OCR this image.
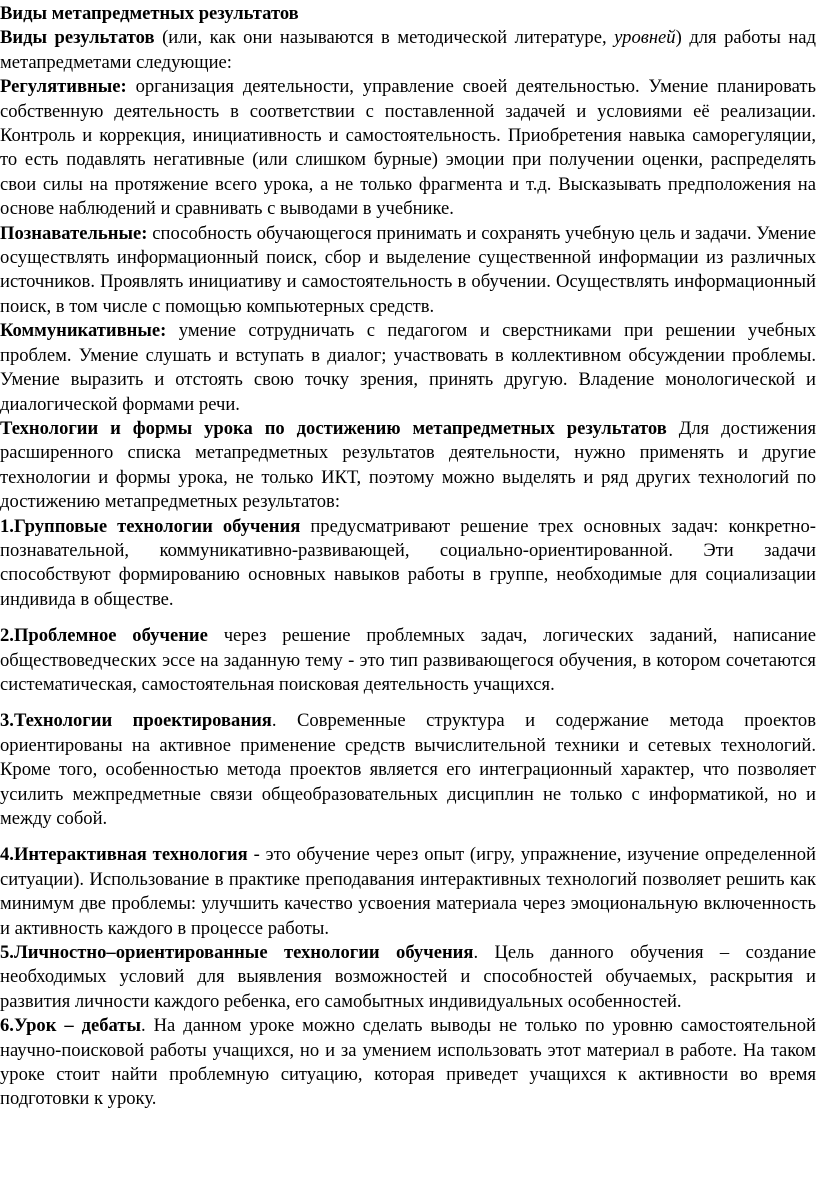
Виды метапредметных результатов

Виды результатов (или, как они называются в методической литературе, уровней) для работы над метапредметами следующие:

Регулятивные: организация деятельности, управление своей деятельностью. Умение планировать собственную деятельность в соответствии с поставленной задачей и условиями её реализации. Контроль и коррекция, инициативность и самостоятельность. Приобретения навыка саморегуляции, то есть подавлять негативные (или слишком бурные) эмоции при получении оценки, распределять свои силы на протяжение всего урока, а не только фрагмента и т.д. Высказывать предположения на основе наблюдений и сравнивать с выводами в учебнике.

Познавательные: способность обучающегося принимать и сохранять учебную цель и задачи. Умение осуществлять информационный поиск, сбор и выделение существенной информации из различных источников. Проявлять инициативу и самостоятельность в обучении. Осуществлять информационный поиск, в том числе с помощью компьютерных средств.

Коммуникативные: умение сотрудничать с педагогом и сверстниками при решении учебных проблем. Умение слушать и вступать в диалог; участвовать в коллективном обсуждении проблемы. Умение выразить и отстоять свою точку зрения, принять другую. Владение монологической и диалогической формами речи.

Технологии и формы урока по достижению метапредметных результатов Для достижения расширенного списка метапредметных результатов деятельности, нужно применять и другие технологии и формы урока, не только ИКТ, поэтому можно выделять и ряд других технологий по достижению метапредметных результатов:

1.Групповые технологии обучения предусматривают решение трех основных задач: конкретно-познавательной, коммуникативно-развивающей, социально-ориентированной. Эти задачи способствуют формированию основных навыков работы в группе, необходимые для социализации индивида в обществе.

2.Проблемное обучение через решение проблемных задач, логических заданий, написание обществоведческих эссе на заданную тему - это тип развивающегося обучения, в котором сочетаются систематическая, самостоятельная поисковая деятельность учащихся.

3.Технологии проектирования. Современные структура и содержание метода проектов ориентированы на активное применение средств вычислительной техники и сетевых технологий. Кроме того, особенностью метода проектов является его интеграционный характер, что позволяет усилить межпредметные связи общеобразовательных дисциплин не только с информатикой, но и между собой.

4.Интерактивная технология - это обучение через опыт (игру, упражнение, изучение определенной ситуации). Использование в практике преподавания интерактивных технологий позволяет решить как минимум две проблемы: улучшить качество усвоения материала через эмоциональную включенность и активность каждого в процессе работы.

5.Личностно–ориентированные технологии обучения. Цель данного обучения – создание необходимых условий для выявления возможностей и способностей обучаемых, раскрытия и развития личности каждого ребенка, его самобытных индивидуальных особенностей.

6.Урок – дебаты. На данном уроке можно сделать выводы не только по уровню самостоятельной научно-поисковой работы учащихся, но и за умением использовать этот материал в работе. На таком уроке стоит найти проблемную ситуацию, которая приведет учащихся к активности во время подготовки к уроку.
